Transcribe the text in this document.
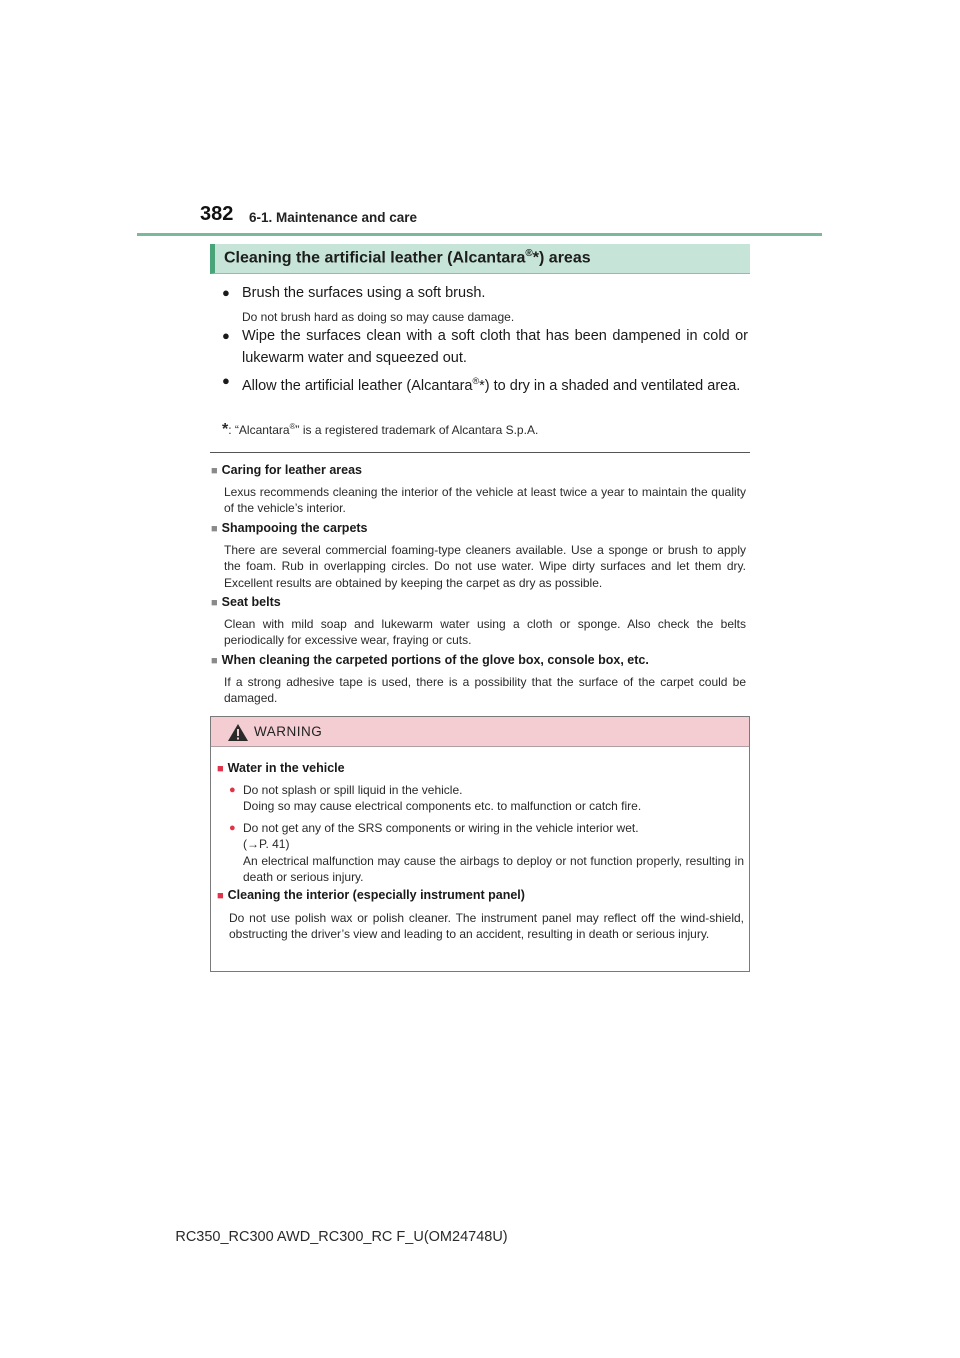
382 6-1. Maintenance and care
Cleaning the artificial leather (Alcantara®*) areas
● Brush the surfaces using a soft brush.
Do not brush hard as doing so may cause damage.
● Wipe the surfaces clean with a soft cloth that has been dampened in cold or lukewarm water and squeezed out.
● Allow the artificial leather (Alcantara®*) to dry in a shaded and ventilated area.
*: “Alcantara®” is a registered trademark of Alcantara S.p.A.
■ Caring for leather areas
Lexus recommends cleaning the interior of the vehicle at least twice a year to maintain the quality of the vehicle’s interior.
■ Shampooing the carpets
There are several commercial foaming-type cleaners available. Use a sponge or brush to apply the foam. Rub in overlapping circles. Do not use water. Wipe dirty surfaces and let them dry. Excellent results are obtained by keeping the carpet as dry as possible.
■ Seat belts
Clean with mild soap and lukewarm water using a cloth or sponge. Also check the belts periodically for excessive wear, fraying or cuts.
■ When cleaning the carpeted portions of the glove box, console box, etc.
If a strong adhesive tape is used, there is a possibility that the surface of the carpet could be damaged.
WARNING
■ Water in the vehicle
● Do not splash or spill liquid in the vehicle.
Doing so may cause electrical components etc. to malfunction or catch fire.
● Do not get any of the SRS components or wiring in the vehicle interior wet.
(→P. 41)
An electrical malfunction may cause the airbags to deploy or not function properly, resulting in death or serious injury.
■ Cleaning the interior (especially instrument panel)
Do not use polish wax or polish cleaner. The instrument panel may reflect off the wind-shield, obstructing the driver’s view and leading to an accident, resulting in death or serious injury.
RC350_RC300 AWD_RC300_RC F_U(OM24748U)
